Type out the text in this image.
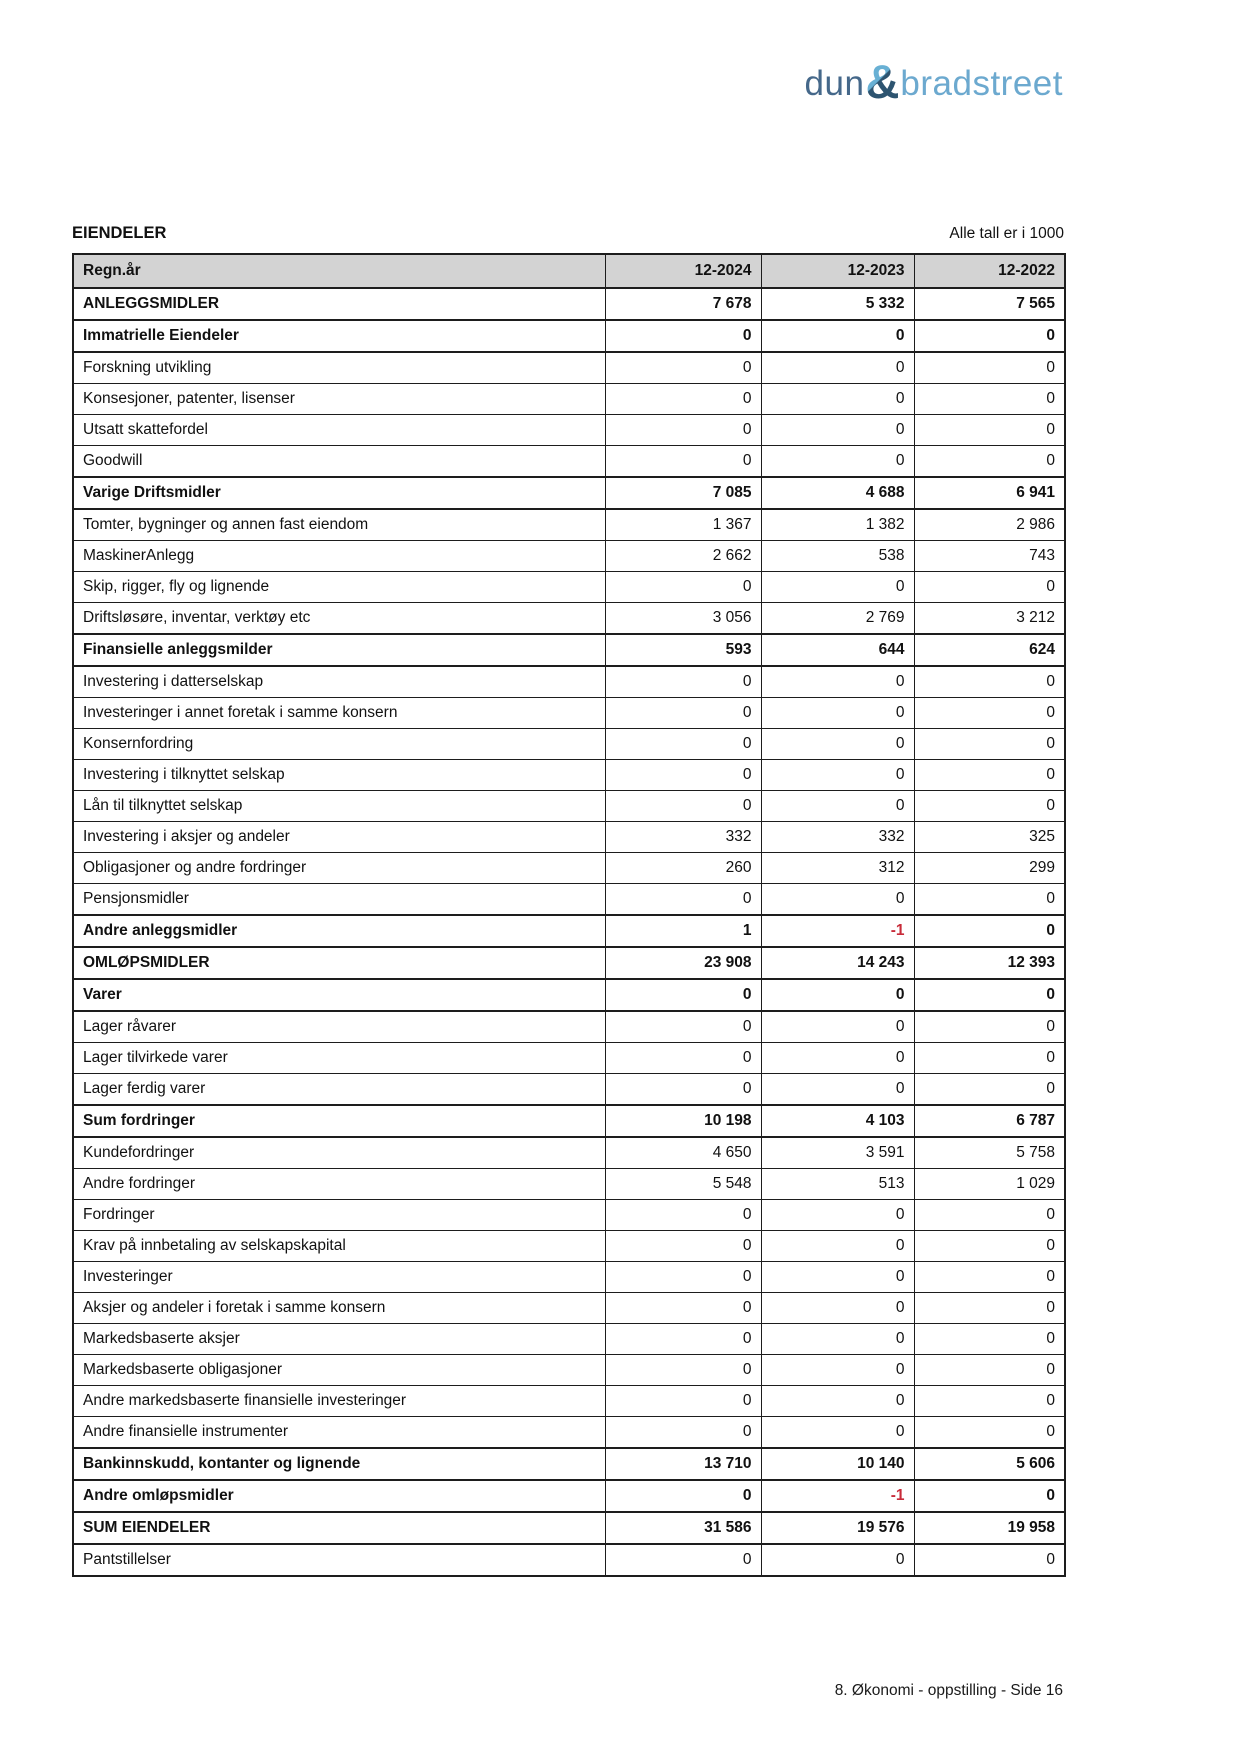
dun & bradstreet
EIENDELER	Alle tall er i 1000
Regn.år	12-2024	12-2023	12-2022
ANLEGGSMIDLER	7 678	5 332	7 565
Immatrielle Eiendeler	0	0	0
Forskning utvikling	0	0	0
Konsesjoner, patenter, lisenser	0	0	0
Utsatt skattefordel	0	0	0
Goodwill	0	0	0
Varige Driftsmidler	7 085	4 688	6 941
Tomter, bygninger og annen fast eiendom	1 367	1 382	2 986
MaskinerAnlegg	2 662	538	743
Skip, rigger, fly og lignende	0	0	0
Driftsløsøre, inventar, verktøy etc	3 056	2 769	3 212
Finansielle anleggsmilder	593	644	624
Investering i datterselskap	0	0	0
Investeringer i annet foretak i samme konsern	0	0	0
Konsernfordring	0	0	0
Investering i tilknyttet selskap	0	0	0
Lån til tilknyttet selskap	0	0	0
Investering i aksjer og andeler	332	332	325
Obligasjoner og andre fordringer	260	312	299
Pensjonsmidler	0	0	0
Andre anleggsmidler	1	-1	0
OMLØPSMIDLER	23 908	14 243	12 393
Varer	0	0	0
Lager råvarer	0	0	0
Lager tilvirkede varer	0	0	0
Lager ferdig varer	0	0	0
Sum fordringer	10 198	4 103	6 787
Kundefordringer	4 650	3 591	5 758
Andre fordringer	5 548	513	1 029
Fordringer	0	0	0
Krav på innbetaling av selskapskapital	0	0	0
Investeringer	0	0	0
Aksjer og andeler i foretak i samme konsern	0	0	0
Markedsbaserte aksjer	0	0	0
Markedsbaserte obligasjoner	0	0	0
Andre markedsbaserte finansielle investeringer	0	0	0
Andre finansielle instrumenter	0	0	0
Bankinnskudd, kontanter og lignende	13 710	10 140	5 606
Andre omløpsmidler	0	-1	0
SUM EIENDELER	31 586	19 576	19 958
Pantstillelser	0	0	0
8. Økonomi - oppstilling - Side 16
